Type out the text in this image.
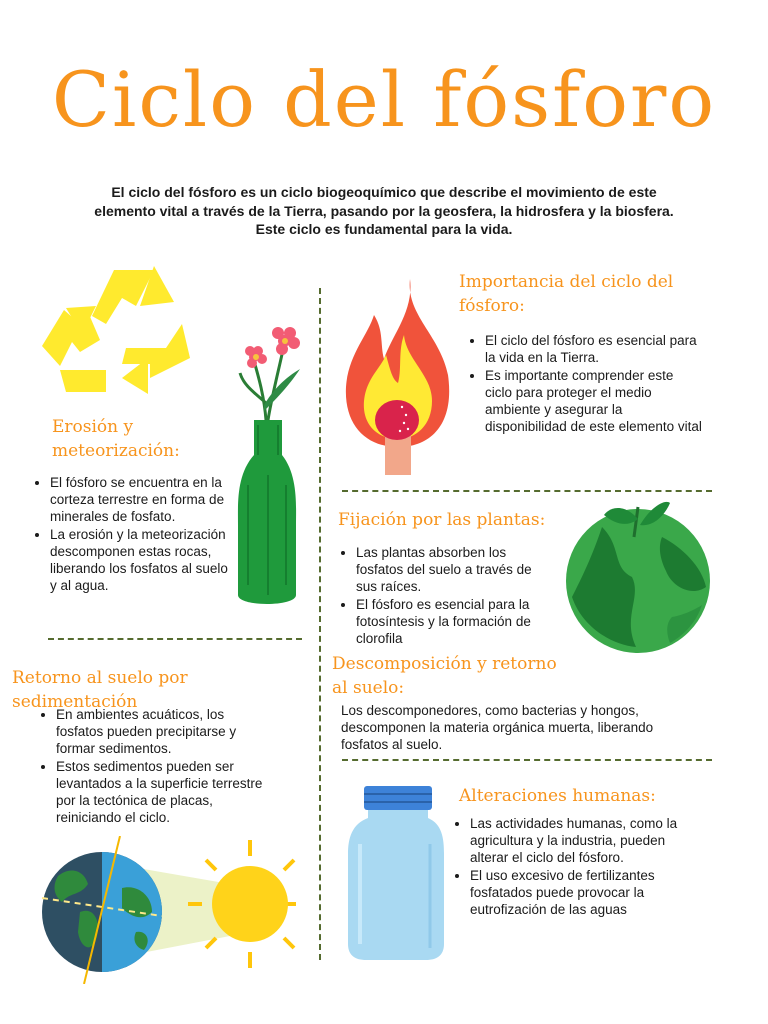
Ciclo del fósforo
El ciclo del fósforo es un ciclo biogeoquímico que describe el movimiento de este elemento vital a través de la Tierra, pasando por la geosfera, la hidrosfera y la biosfera. Este ciclo es fundamental para la vida.
Erosión y meteorización:
• El fósforo se encuentra en la corteza terrestre en forma de minerales de fosfato.
• La erosión y la meteorización descomponen estas rocas, liberando los fosfatos al suelo y al agua.
Retorno al suelo por sedimentación
• En ambientes acuáticos, los fosfatos pueden precipitarse y formar sedimentos.
• Estos sedimentos pueden ser levantados a la superficie terrestre por la tectónica de placas, reiniciando el ciclo.
Importancia del ciclo del fósforo:
• El ciclo del fósforo es esencial para la vida en la Tierra.
• Es importante comprender este ciclo para proteger el medio ambiente y asegurar la disponibilidad de este elemento vital
Fijación por las plantas:
• Las plantas absorben los fosfatos del suelo a través de sus raíces.
• El fósforo es esencial para la fotosíntesis y la formación de clorofila
Descomposición y retorno al suelo:
Los descomponedores, como bacterias y hongos, descomponen la materia orgánica muerta, liberando fosfatos al suelo.
Alteraciones humanas:
• Las actividades humanas, como la agricultura y la industria, pueden alterar el ciclo del fósforo.
• El uso excesivo de fertilizantes fosfatados puede provocar la eutrofización de las aguas
